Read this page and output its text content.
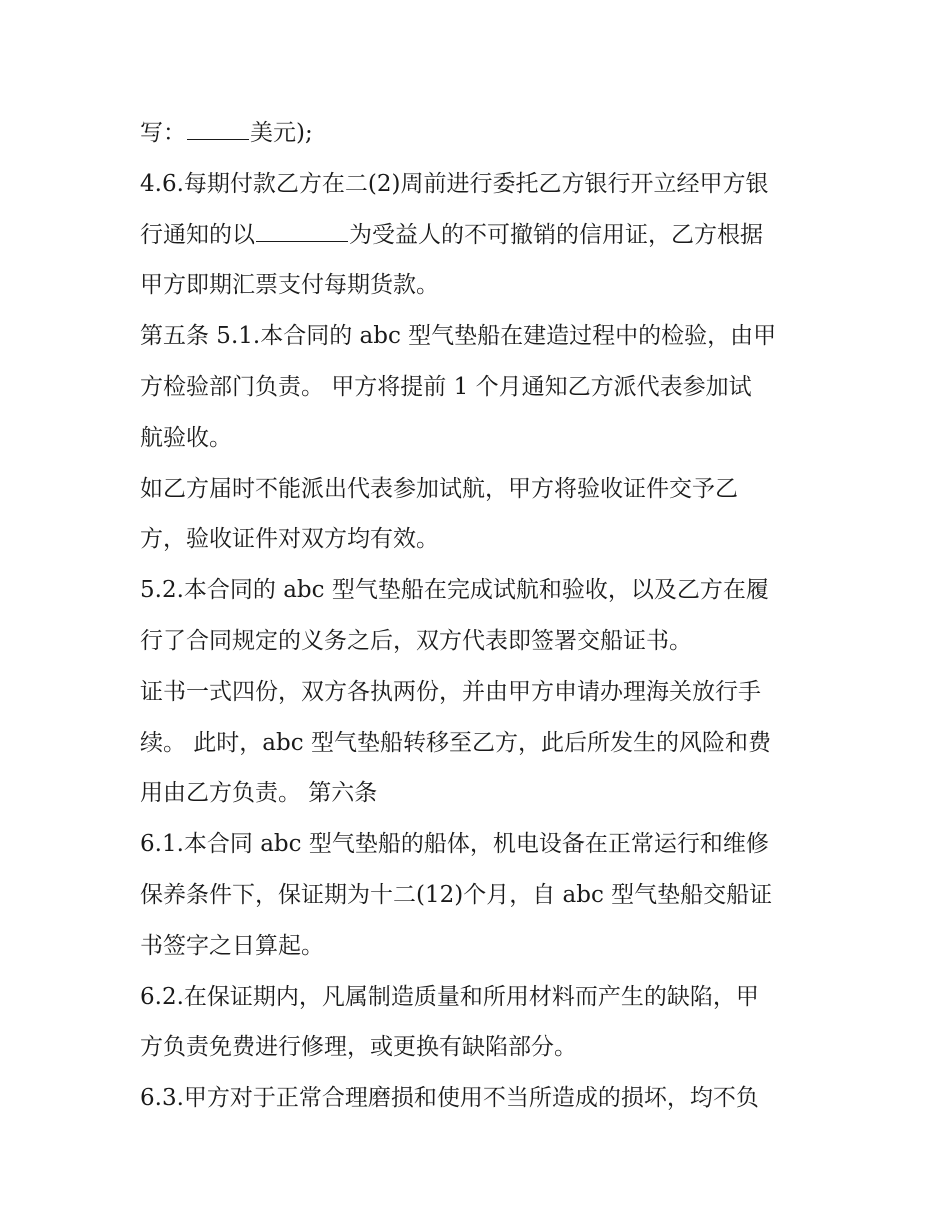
写：	美元);
4.6.每期付款乙方在二(2)周前进行委托乙方银行开立经甲方银
行通知的以	为受益人的不可撤销的信用证，乙方根据
甲方即期汇票支付每期货款。
第五条 5.1.本合同的 abc 型气垫船在建造过程中的检验，由甲
方检验部门负责。 甲方将提前 1 个月通知乙方派代表参加试
航验收。
如乙方届时不能派出代表参加试航，甲方将验收证件交予乙
方，验收证件对双方均有效。
5.2.本合同的 abc 型气垫船在完成试航和验收，以及乙方在履
行了合同规定的义务之后，双方代表即签署交船证书。
证书一式四份，双方各执两份，并由甲方申请办理海关放行手
续。 此时，abc 型气垫船转移至乙方，此后所发生的风险和费
用由乙方负责。 第六条
6.1.本合同 abc 型气垫船的船体，机电设备在正常运行和维修
保养条件下，保证期为十二(12)个月，自 abc 型气垫船交船证
书签字之日算起。
6.2.在保证期内，凡属制造质量和所用材料而产生的缺陷，甲
方负责免费进行修理，或更换有缺陷部分。
6.3.甲方对于正常合理磨损和使用不当所造成的损坏，均不负
